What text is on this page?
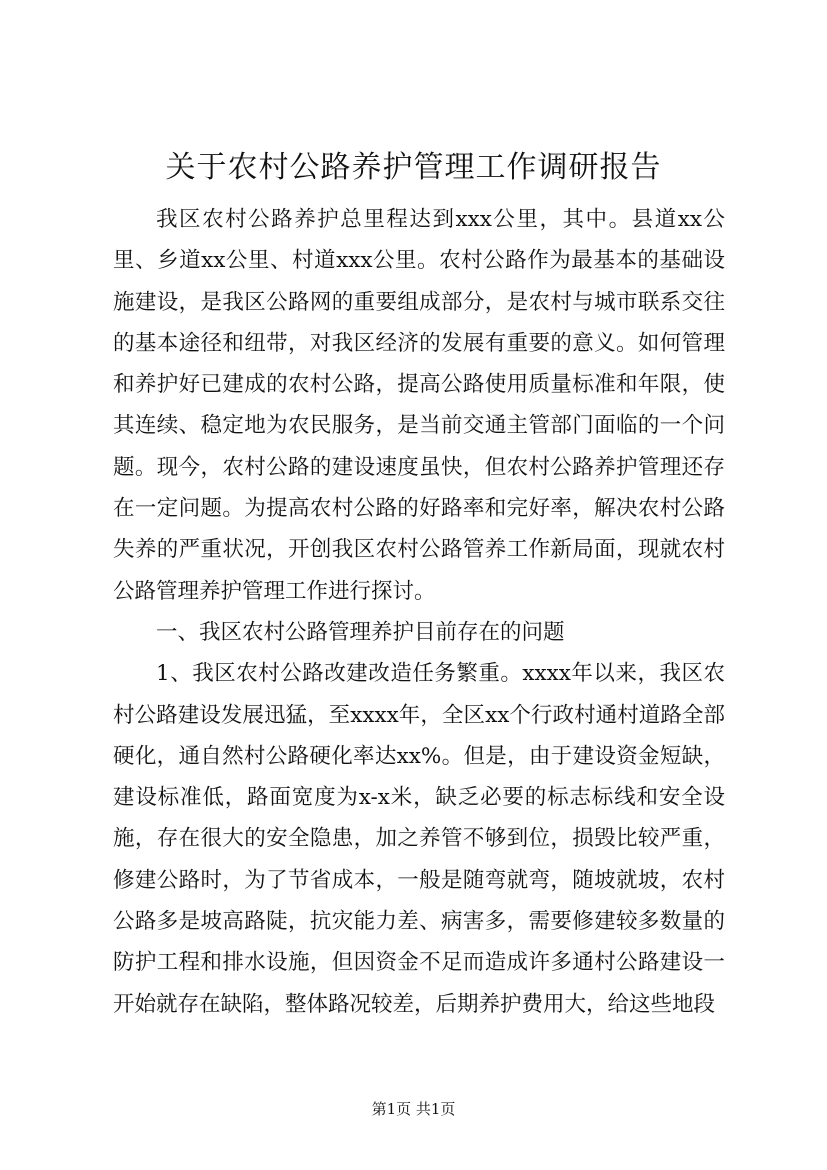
关于农村公路养护管理工作调研报告

我区农村公路养护总里程达到xxx公里，其中。县道xx公里、乡道xx公里、村道xxx公里。农村公路作为最基本的基础设施建设，是我区公路网的重要组成部分，是农村与城市联系交往的基本途径和纽带，对我区经济的发展有重要的意义。如何管理和养护好已建成的农村公路，提高公路使用质量标准和年限，使其连续、稳定地为农民服务，是当前交通主管部门面临的一个问题。现今，农村公路的建设速度虽快，但农村公路养护管理还存在一定问题。为提高农村公路的好路率和完好率，解决农村公路失养的严重状况，开创我区农村公路管养工作新局面，现就农村公路管理养护管理工作进行探讨。

一、我区农村公路管理养护目前存在的问题

1、我区农村公路改建改造任务繁重。xxxx年以来，我区农村公路建设发展迅猛，至xxxx年，全区xx个行政村通村道路全部硬化，通自然村公路硬化率达xx%。但是，由于建设资金短缺，建设标准低，路面宽度为x-x米，缺乏必要的标志标线和安全设施，存在很大的安全隐患，加之养管不够到位，损毁比较严重，修建公路时，为了节省成本，一般是随弯就弯，随坡就坡，农村公路多是坡高路陡，抗灾能力差、病害多，需要修建较多数量的防护工程和排水设施，但因资金不足而造成许多通村公路建设一开始就存在缺陷，整体路况较差，后期养护费用大，给这些地段

第1页 共1页
